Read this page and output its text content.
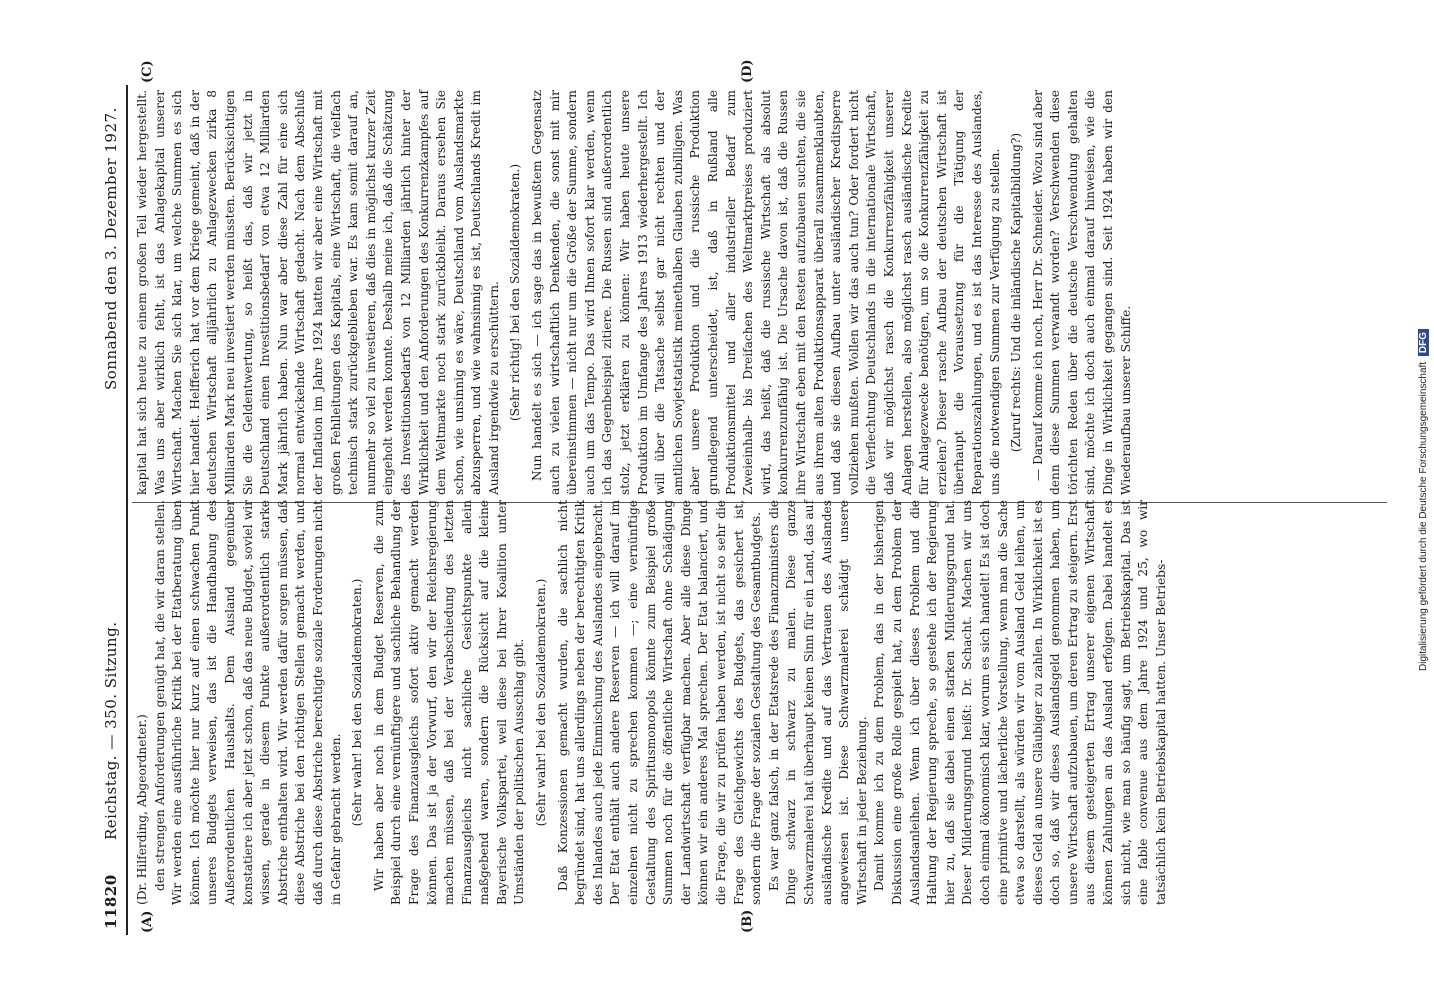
11820
Reichstag. — 350. Sitzung.
Sonnabend den 3. Dezember 1927.
(A)	(B)
(C)	(D)

(Dr. Hilferding, Abgeordneter.) den strengen Anforderungen genügt hat, die wir daran stellen. Wir werden eine ausführliche Kritik bei der Etatberatung üben können. Ich möchte hier nur kurz auf einen schwachen Punkt unseres Budgets verweisen, das ist die Handhabung des Außerordentlichen Haushalts. Dem Ausland gegenüber konstatiere ich aber jetzt schon, daß das neue Budget, soviel wir wissen, gerade in diesem Punkte außerordentlich starke Abstriche enthalten wird. Wir werden dafür sorgen müssen, daß diese Abstriche bei den richtigen Stellen gemacht werden, und daß durch diese Abstriche berechtigte soziale Forderungen nicht in Gefahr gebracht werden. (Sehr wahr! bei den Sozialdemokraten.) Wir haben aber noch in dem Budget Reserven, die zum Beispiel durch eine vernünftigere und sachliche Behandlung der Frage des Finanzausgleichs sofort aktiv gemacht werden können. Das ist ja der Vorwurf, den wir der Reichsregierung machen müssen, daß bei der Verabschiedung des letzten Finanzausgleichs nicht sachliche Gesichtspunkte allein maßgebend waren, sondern die Rücksicht auf die kleine Bayerische Volkspartei, weil diese bei Ihrer Koalition unter Umständen der politischen Ausschlag gibt. (Sehr wahr! bei den Sozialdemokraten.) Daß Konzessionen gemacht wurden, die sachlich nicht begründet sind, hat uns allerdings neben der berechtigten Kritik des Inlandes auch jede Einmischung des Auslandes eingebracht. Der Etat enthält auch andere Reserven — ich will darauf im einzelnen nicht zu sprechen kommen —; eine vernünftige Gestaltung des Spiritusmonopols könnte zum Beispiel große Summen noch für die öffentliche Wirtschaft ohne Schädigung der Landwirtschaft verfügbar machen. Aber alle diese Dinge können wir ein anderes Mal sprechen. Der Etat balanciert, und die Frage, die wir zu prüfen haben werden, ist nicht so sehr die Frage des Gleichgewichts des Budgets, das gesichert ist, sondern die Frage der sozialen Gestaltung des Gesamtbudgets. Es war ganz falsch, in der Etatsrede des Finanzministers die Dinge schwarz in schwarz zu malen. Diese ganze Schwarzmalerei hat überhaupt keinen Sinn für ein Land, das auf ausländische Kredite und auf das Vertrauen des Auslandes angewiesen ist. Diese Schwarzmalerei schädigt unsere Wirtschaft in jeder Beziehung. Damit komme ich zu dem Problem, das in der bisherigen Diskussion eine große Rolle gespielt hat, zu dem Problem der Auslandsanleihen. Wenn ich über dieses Problem und die Haltung der Regierung spreche, so gestehe ich der Regierung hier zu, daß sie dabei einen starken Milderungsgrund hat. Dieser Milderungsgrund heißt: Dr. Schacht. Machen wir uns doch einmal ökonomisch klar, worum es sich handelt! Es ist doch eine primitive und lächerliche Vorstellung, wenn man die Sache etwa so darstellt, als würden wir vom Ausland Geld leihen, um dieses Geld an unsere Gläubiger zu zahlen. In Wirklichkeit ist es doch so, daß wir dieses Auslandsgeld genommen haben, um unsere Wirtschaft aufzubauen, um deren Ertrag zu steigern. Erst aus diesem gesteigerten Ertrag unserer eigenen Wirtschaft können Zahlungen an das Ausland erfolgen. Dabei handelt es sich nicht, wie man so häufig sagt, um Betriebskapital. Das ist eine fable convenue aus dem Jahre 1924 und 25, wo wir tatsächlich kein Betriebskapital hatten. Unser Betriebs-

kapital hat sich heute zu einem großen Teil wieder hergestellt. Was uns aber wirklich fehlt, ist das Anlagekapital unserer Wirtschaft. Machen Sie sich klar, um welche Summen es sich hier handelt. Helfferich hat vor dem Kriege gemeint, daß in der deutschen Wirtschaft alljährlich zu Anlagezwecken zirka 8 Milliarden Mark neu investiert werden müssten. Berücksichtigen Sie die Geldentwertung, so heißt das, daß wir jetzt in Deutschland einen Investitionsbedarf von etwa 12 Milliarden Mark jährlich haben. Nun war aber diese Zahl für eine sich normal entwickelnde Wirtschaft gedacht. Nach dem Abschluß der Inflation im Jahre 1924 hatten wir aber eine Wirtschaft mit großen Fehlleitungen des Kapitals, eine Wirtschaft, die vielfach technisch stark zurückgeblieben war. Es kam somit darauf an, nunmehr so viel zu investieren, daß dies in möglichst kurzer Zeit eingeholt werden konnte. Deshalb meine ich, daß die Schätzung des Investitionsbedarfs von 12 Milliarden jährlich hinter der Wirklichkeit und den Anforderungen des Konkurrenzkampfes auf dem Weltmarkte noch stark zurückbleibt. Daraus ersehen Sie schon, wie unsinnig es wäre, Deutschland vom Auslandsmarkte abzusperren, und wie wahnsinnig es ist, Deutschlands Kredit im Ausland irgendwie zu erschüttern. (Sehr richtig! bei den Sozialdemokraten.) Nun handelt es sich — ich sage das in bewußtem Gegensatz auch zu vielen wirtschaftlich Denkenden, die sonst mit mir übereinstimmen — nicht nur um die Größe der Summe, sondern auch um das Tempo. Das wird Ihnen sofort klar werden, wenn ich das Gegenbeispiel zitiere. Die Russen sind außerordentlich stolz, jetzt erklären zu können: Wir haben heute unsere Produktion im Umfange des Jahres 1913 wiederhergestellt. Ich will über die Tatsache selbst gar nicht rechten und der amtlichen Sowjetstatistik meinethalben Glauben zubilligen. Was aber unsere Produktion und die russische Produktion grundlegend unterscheidet, ist, daß in Rußland alle Produktionsmittel und aller industrieller Bedarf zum Zweieinhalb- bis Dreifachen des Weltmarktpreises produziert wird, das heißt, daß die russische Wirtschaft als absolut konkurrenzunfähig ist. Die Ursache davon ist, daß die Russen ihre Wirtschaft eben mit den Resten aufzubauen suchten, die sie aus ihrem alten Produktionsapparat überall zusammenklaubten, und daß sie diesen Aufbau unter ausländischer Kreditsperre vollziehen mußten. Wollen wir das auch tun? Oder fordert nicht die Verflechtung Deutschlands in die internationale Wirtschaft, daß wir möglichst rasch die Konkurrenzfähigkeit unserer Anlagen herstellen, also möglichst rasch ausländische Kredite für Anlagezwecke benötigen, um so die Konkurrenzfähigkeit zu erzielen? Dieser rasche Aufbau der deutschen Wirtschaft ist überhaupt die Voraussetzung für die Tätigung der Reparationszahlungen, und es ist das Interesse des Auslandes, uns die notwendigen Summen zur Verfügung zu stellen. (Zuruf rechts: Und die inländische Kapitalbildung?) — Darauf komme ich noch, Herr Dr. Schneider. Wozu sind aber denn diese Summen verwandt worden? Verschwenden diese törichten Reden über die deutsche Verschwendung gehalten sind, möchte ich doch auch einmal darauf hinweisen, wie die Dinge in Wirklichkeit gegangen sind. Seit 1924 haben wir den Wiederaufbau unserer Schiffe.	Digitalisierung gefördert durch die Deutsche Forschungsgemeinschaft DFG
